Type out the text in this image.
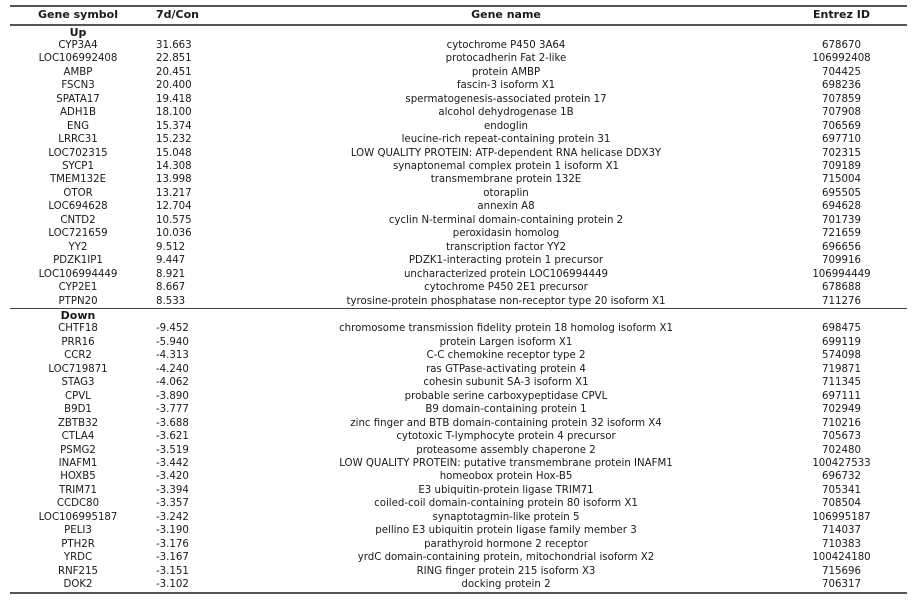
Gene symbol	7d/Con	Gene name	Entrez ID
Up			
CYP3A4	31.663	cytochrome P450 3A64	678670
LOC106992408	22.851	protocadherin Fat 2-like	106992408
AMBP	20.451	protein AMBP	704425
FSCN3	20.400	fascin-3 isoform X1	698236
SPATA17	19.418	spermatogenesis-associated protein 17	707859
ADH1B	18.100	alcohol dehydrogenase 1B	707908
ENG	15.374	endoglin	706569
LRRC31	15.232	leucine-rich repeat-containing protein 31	697710
LOC702315	15.048	LOW QUALITY PROTEIN: ATP-dependent RNA helicase DDX3Y	702315
SYCP1	14.308	synaptonemal complex protein 1 isoform X1	709189
TMEM132E	13.998	transmembrane protein 132E	715004
OTOR	13.217	otoraplin	695505
LOC694628	12.704	annexin A8	694628
CNTD2	10.575	cyclin N-terminal domain-containing protein 2	701739
LOC721659	10.036	peroxidasin homolog	721659
YY2	9.512	transcription factor YY2	696656
PDZK1IP1	9.447	PDZK1-interacting protein 1 precursor	709916
LOC106994449	8.921	uncharacterized protein LOC106994449	106994449
CYP2E1	8.667	cytochrome P450 2E1 precursor	678688
PTPN20	8.533	tyrosine-protein phosphatase non-receptor type 20 isoform X1	711276
Down			
CHTF18	-9.452	chromosome transmission fidelity protein 18 homolog isoform X1	698475
PRR16	-5.940	protein Largen isoform X1	699119
CCR2	-4.313	C-C chemokine receptor type 2	574098
LOC719871	-4.240	ras GTPase-activating protein 4	719871
STAG3	-4.062	cohesin subunit SA-3 isoform X1	711345
CPVL	-3.890	probable serine carboxypeptidase CPVL	697111
B9D1	-3.777	B9 domain-containing protein 1	702949
ZBTB32	-3.688	zinc finger and BTB domain-containing protein 32 isoform X4	710216
CTLA4	-3.621	cytotoxic T-lymphocyte protein 4 precursor	705673
PSMG2	-3.519	proteasome assembly chaperone 2	702480
INAFM1	-3.442	LOW QUALITY PROTEIN: putative transmembrane protein INAFM1	100427533
HOXB5	-3.420	homeobox protein Hox-B5	696732
TRIM71	-3.394	E3 ubiquitin-protein ligase TRIM71	705341
CCDC80	-3.357	coiled-coil domain-containing protein 80 isoform X1	708504
LOC106995187	-3.242	synaptotagmin-like protein 5	106995187
PELI3	-3.190	pellino E3 ubiquitin protein ligase family member 3	714037
PTH2R	-3.176	parathyroid hormone 2 receptor	710383
YRDC	-3.167	yrdC domain-containing protein, mitochondrial isoform X2	100424180
RNF215	-3.151	RING finger protein 215 isoform X3	715696
DOK2	-3.102	docking protein 2	706317
